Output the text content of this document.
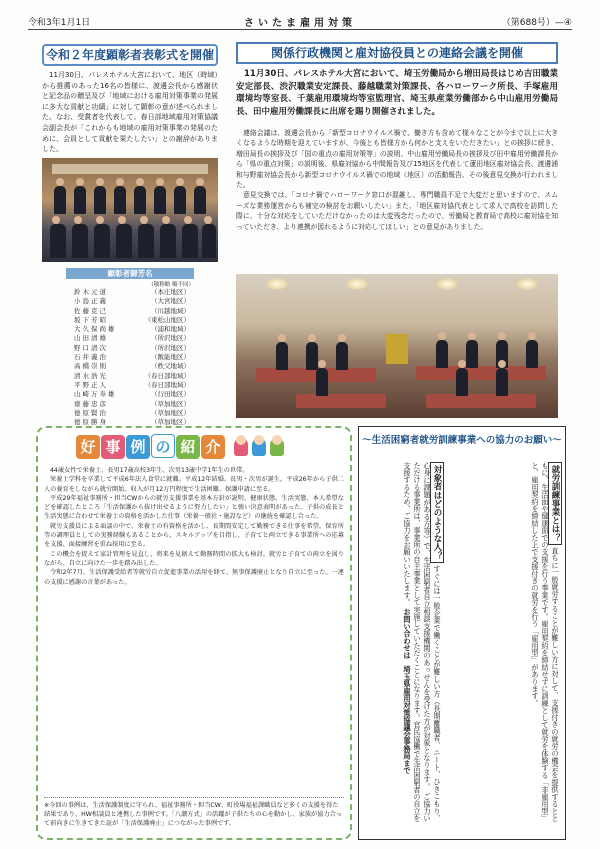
令和3年1月1日	さいたま雇用対策	（第688号）—④
令和２年度顕彰者表彰式を開催
11月30日、パレスホテル大宮において、地区（時域）から推薦のあった16名の皆様に、渡邊会長から感謝状と記念品の贈呈及び「地域における雇用対策事業の発展に多大な貢献と功績」に対して顕彰の意が述べられました。なお、受賞者を代表して、春日部地域雇用対策協議会副会長が「これからも地域の雇用対策事業の発展のために、会員として貢献を果たしたい」との謝辞がありました。
顕彰者御芳名
（敬称略 順不同）
鈴木元道	（本庄地区）
小島正義	（大宮地区）
佐藤克己	（川越地域）
坂下芳昭	（東松山地区）
大久保尚雄	（浦和地域）
山田清雄	（所沢地区）
野口清次	（所沢地区）
石井義治	（飯能地区）
高橋崇則	（秩父地域）
清水浩光	（春日部地域）
平野正人	（春日部地域）
山崎万寿雄	（行田地区）
齋藤忠彦	（草加地区）
德原賢治	（草加地区）
德原勝身	（草加地区）

関係行政機関と雇対協役員との連絡会議を開催
11月30日、パレスホテル大宮において、埼玉労働局から増田局長はじめ吉田職業安定部長、渋沢職業安定課長、藤越職業対策課長、各ハローワーク所長、手塚雇用環境均等室長、千葉雇用環境均等室監理官、埼玉県産業労働部から中山雇用労働局長、田中雇用労働課長に出席を賜り開催されました。

連絡会議は、渡邊会長から「新型コロナウイルス禍で、働き方も含めて様々なことが今まで以上に大きくなるような時期を迎えていますが、今後とも皆様方から何かと支えをいただきたい」との挨拶に続き、増田局長の挨拶及び「国の重点の雇用対策等」の説明、中山雇用労働局長の挨拶及び田中雇用労働課長から「県の重点対策」の説明後、県雇対協から中間報告及び15地区を代表して蓮田地区雇対協会長、渡邊浦和与野雇対協会長から新型コロナウイルス禍での地域（地区）の活動報告、その後意見交換が行われました。

意見交換では、「コロナ禍でハローワーク窓口が混雑し、専門職員不足で大変だと思いますので、スムーズな業務運営からも補完の検討をお願いしたい」また、「地区雇対協代表として求人で高校を訪問した際に、十分な対応をしていただけなかったのは大変残念だったので、労働局と教育局で高校に雇対協を知っていただき、より連携が図れるように対応してほしい」との意見がありました。

好 事 例 の 紹 介

44歳女性で栄養士、長男17歳高校3年生、次男13歳中学1年生の世帯。

栄養士学科を卒業して平成6年法人食堂に就職。平成12年結婚。長男・次男が誕生。平成26年から子供二人の養育をしながら就労開始。収入が月12万円程度で生活困難、保護申請に至る。

平成29年福祉事務所・担当CWからの就労支援事業を基本方針が説明、健康状態、生活実態、本人希望などを確認したところ「生活保護から抜け出せるように努力したい」と強い決意表明があった。子供の成長と生活実態に合わせて栄養士の資格を活かした仕事（栄養一般社・施設など）の継続を確認し合った。

就労支援員による面談の中で、栄養士の有資格を活かし、長期間安定して勤務できる仕事を希望。保育所等の調理員としての実務経験もあることから、スキルアップを目指し、子育てと両立できる事業所への応募を支援、面接練習を重ね採用に至る。

この機会を捉えて家計管理を見直し、将来を見据えて勤務時間の拡大も検討。就労と子育ての両立を図りながら、自立に向けた一歩を踏み出した。

令和2年7月、生活保護受給者等就労自立促進事業の活用を経て、無事保護廃止となり自立に至った。一連の支援に感謝の言葉があった。

※今回の事例は、生活保護制度に守られ、福祉事務所・担当CW、町役場福祉課職員など多くの支援を得た結果であり、HW相談員と連携した事例です。「八潮方式」の活躍が子供たちの心を動かし、家族が協力合って前向きに生きてきた証が「生活保護廃止」につながった事例です。
～生活困窮者就労訓練事業への協力のお願い～
就労訓練事業とは？ 直ちに一般就労することが難しい方に対して、支援付きの就労の機会を提供するとともに、生活面や健康面での支援を行う事業です。雇用契約を締結せずに訓練として就労を体験する「非雇用型」と、雇用契約を締結した上で支援付きの就労を行う「雇用型」があります。
対象者はどのような人？ すぐには一般企業で働くことが難しい方（長期離職者、ニート、ひきこもり、心身に課題がある方等）で、生活困窮者自立相談支援機関のあっせんを受けた方が対象となります。 ご協力いただける事業所は、事業所の自主事業として実施していただくことになります。官民協働で生活困窮者の自立を支援するため、ご協力をお願いいたします。 お問い合わせは　埼玉県雇用対策協議会事務局まで
